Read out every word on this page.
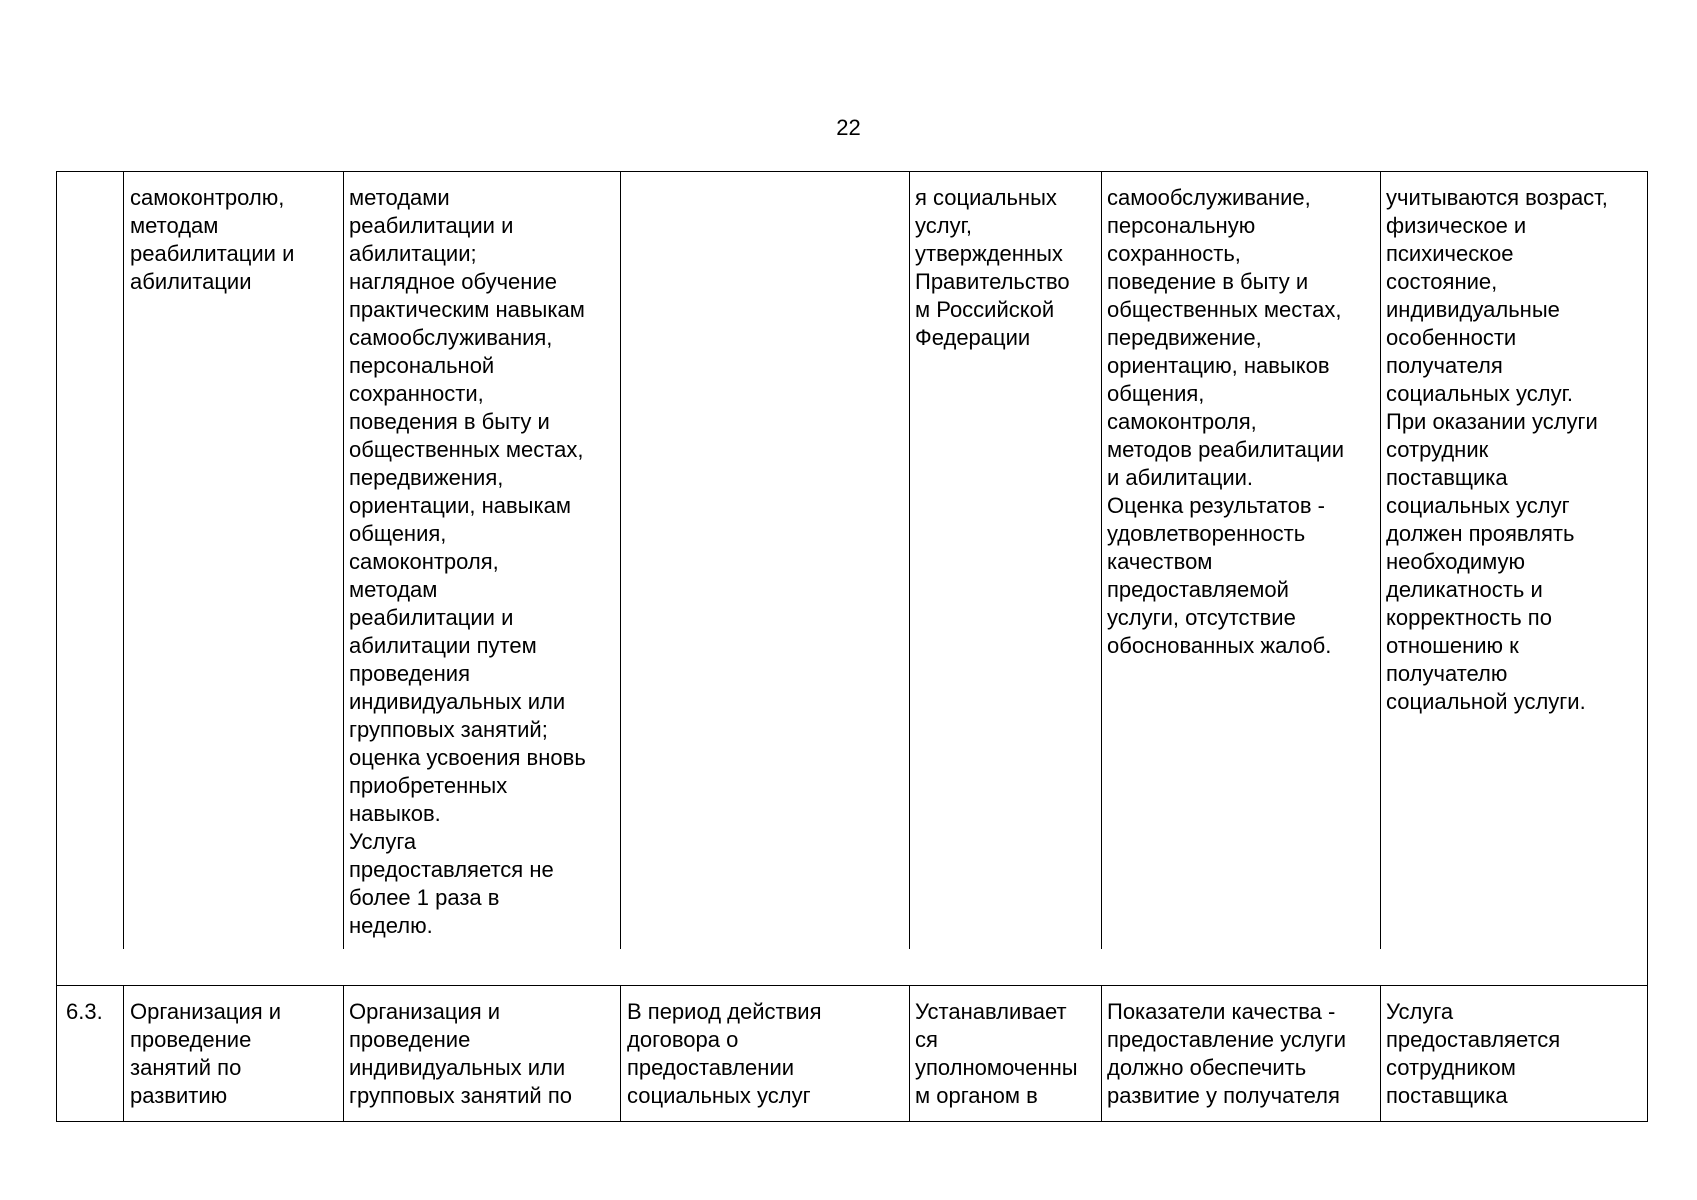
22
самоконтролю,
методам
реабилитации и
абилитации
методами
реабилитации и
абилитации;
наглядное обучение
практическим навыкам
самообслуживания,
персональной
сохранности,
поведения в быту и
общественных местах,
передвижения,
ориентации, навыкам
общения,
самоконтроля,
методам
реабилитации и
абилитации путем
проведения
индивидуальных или
групповых занятий;
оценка усвоения вновь
приобретенных
навыков.
Услуга
предоставляется не
более 1 раза в
неделю.
я социальных
услуг,
утвержденных
Правительство
м Российской
Федерации
самообслуживание,
персональную
сохранность,
поведение в быту и
общественных местах,
передвижение,
ориентацию, навыков
общения,
самоконтроля,
методов реабилитации
и абилитации.
Оценка результатов -
удовлетворенность
качеством
предоставляемой
услуги, отсутствие
обоснованных жалоб.
учитываются возраст,
физическое и
психическое
состояние,
индивидуальные
особенности
получателя
социальных услуг.
При оказании услуги
сотрудник
поставщика
социальных услуг
должен проявлять
необходимую
деликатность и
корректность по
отношению к
получателю
социальной услуги.
6.3.	Организация и
проведение
занятий по
развитию
Организация и
проведение
индивидуальных или
групповых занятий по
В период действия
договора о
предоставлении
социальных услуг
Устанавливает
ся
уполномоченны
м органом в
Показатели качества -
предоставление услуги
должно обеспечить
развитие у получателя
Услуга
предоставляется
сотрудником
поставщика
